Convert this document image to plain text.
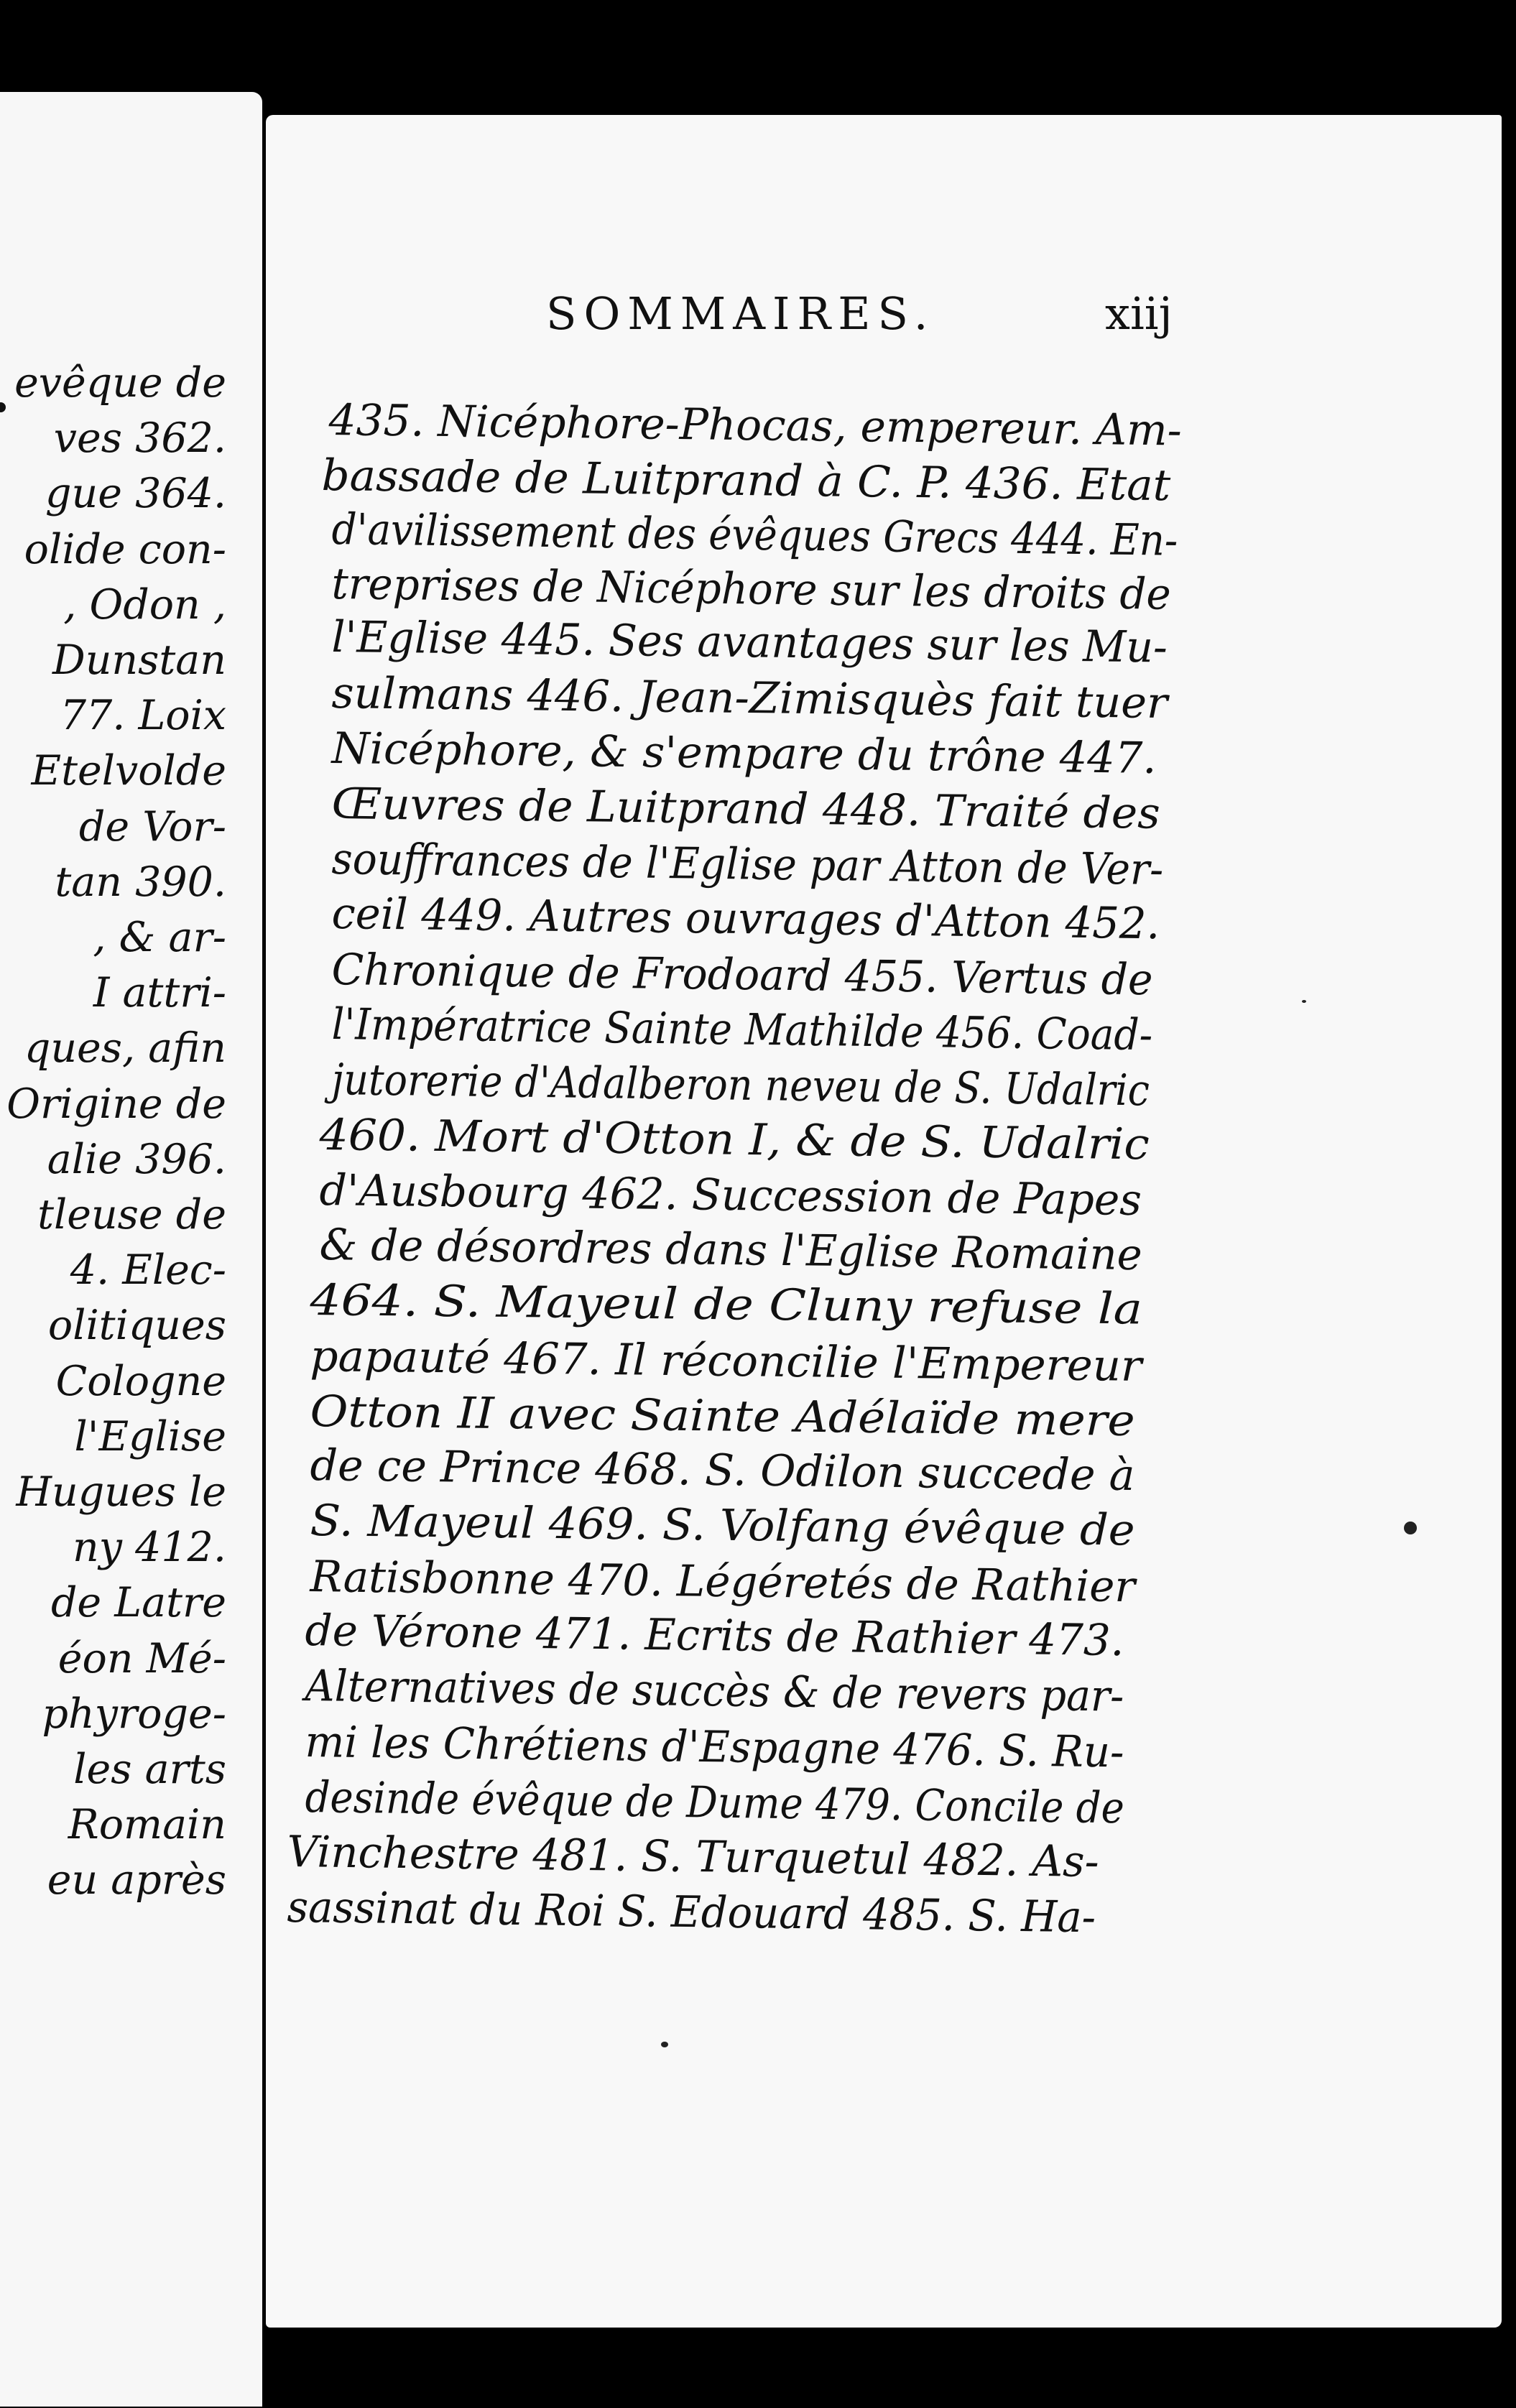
evêque de
ves 362.
gue 364.
olide con-
, Odon ,
Dunstan
77. Loix
Etelvolde
de Vor-
tan 390.
, & ar-
I attri-
ques, afin
Origine de
alie 396.
tleuse de
4. Elec-
olitiques
Cologne
l'Eglise
Hugues le
ny 412.
de Latre
éon Mé-
phyroge-
les arts
Romain
eu après
SOMMAIRES.	xiij
435. Nicéphore-Phocas, empereur. Am-
bassade de Luitprand à C. P. 436. Etat
d'avilissement des évêques Grecs 444. En-
treprises de Nicéphore sur les droits de
l'Eglise 445. Ses avantages sur les Mu-
sulmans 446. Jean-Zimisquès fait tuer
Nicéphore, & s'empare du trône 447.
Œuvres de Luitprand 448. Traité des
souffrances de l'Eglise par Atton de Ver-
ceil 449. Autres ouvrages d'Atton 452.
Chronique de Frodoard 455. Vertus de
l'Impératrice Sainte Mathilde 456. Coad-
jutorerie d'Adalberon neveu de S. Udalric
460. Mort d'Otton I, & de S. Udalric
d'Ausbourg 462. Succession de Papes
& de désordres dans l'Eglise Romaine
464. S. Mayeul de Cluny refuse la
papauté 467. Il réconcilie l'Empereur
Otton II avec Sainte Adélaïde mere
de ce Prince 468. S. Odilon succede à
S. Mayeul 469. S. Volfang évêque de
Ratisbonne 470. Légéretés de Rathier
de Vérone 471. Ecrits de Rathier 473.
Alternatives de succès & de revers par-
mi les Chrétiens d'Espagne 476. S. Ru-
desinde évêque de Dume 479. Concile de
Vinchestre 481. S. Turquetul 482. As-
sassinat du Roi S. Edouard 485. S. Ha-
